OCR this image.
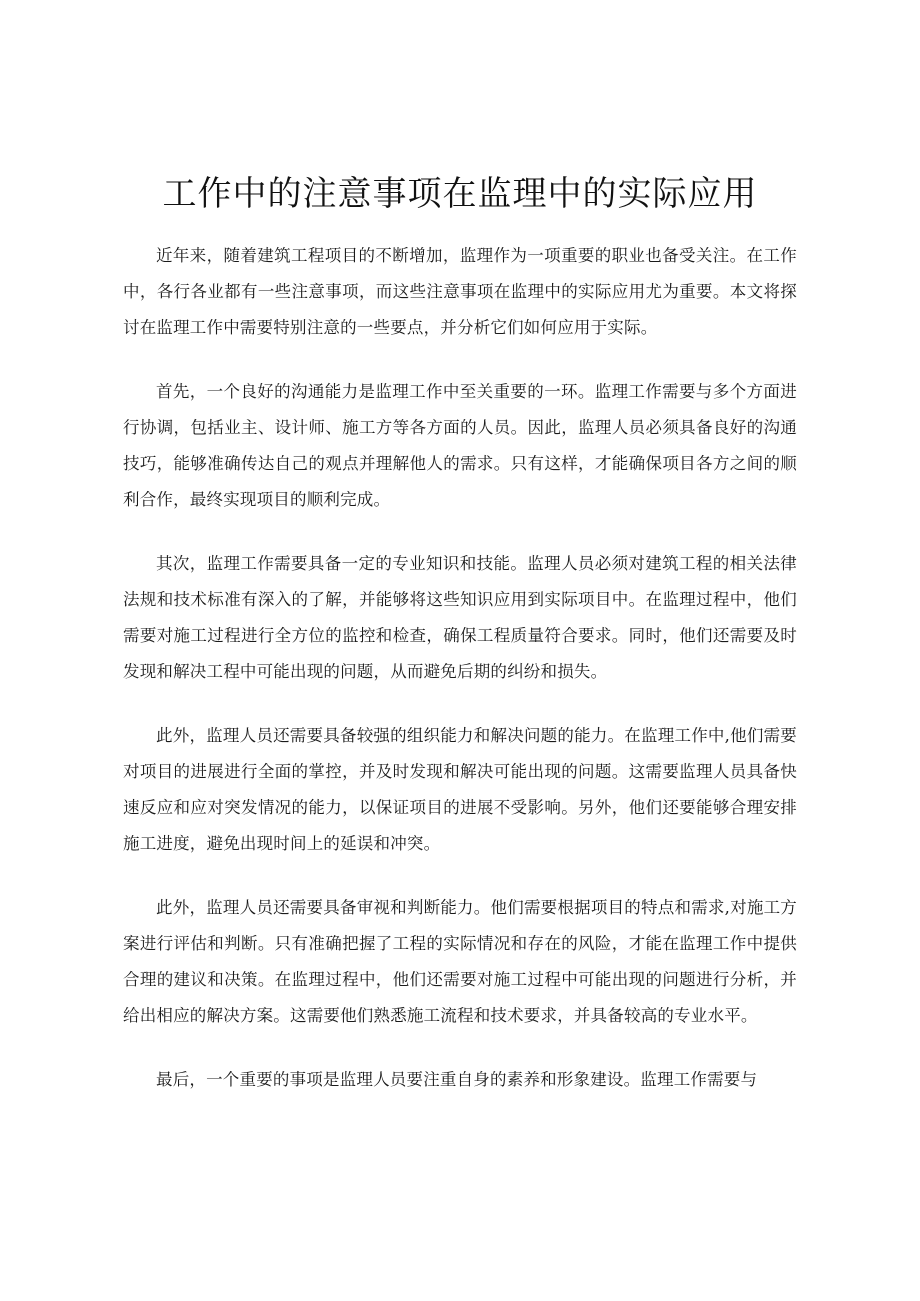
工作中的注意事项在监理中的实际应用

近年来，随着建筑工程项目的不断增加，监理作为一项重要的职业也备受关注。在工作中，各行各业都有一些注意事项，而这些注意事项在监理中的实际应用尤为重要。本文将探讨在监理工作中需要特别注意的一些要点，并分析它们如何应用于实际。

首先，一个良好的沟通能力是监理工作中至关重要的一环。监理工作需要与多个方面进行协调，包括业主、设计师、施工方等各方面的人员。因此，监理人员必须具备良好的沟通技巧，能够准确传达自己的观点并理解他人的需求。只有这样，才能确保项目各方之间的顺利合作，最终实现项目的顺利完成。

其次，监理工作需要具备一定的专业知识和技能。监理人员必须对建筑工程的相关法律法规和技术标准有深入的了解，并能够将这些知识应用到实际项目中。在监理过程中，他们需要对施工过程进行全方位的监控和检查，确保工程质量符合要求。同时，他们还需要及时发现和解决工程中可能出现的问题，从而避免后期的纠纷和损失。

此外，监理人员还需要具备较强的组织能力和解决问题的能力。在监理工作中,他们需要对项目的进展进行全面的掌控，并及时发现和解决可能出现的问题。这需要监理人员具备快速反应和应对突发情况的能力，以保证项目的进展不受影响。另外，他们还要能够合理安排施工进度，避免出现时间上的延误和冲突。

此外，监理人员还需要具备审视和判断能力。他们需要根据项目的特点和需求,对施工方案进行评估和判断。只有准确把握了工程的实际情况和存在的风险，才能在监理工作中提供合理的建议和决策。在监理过程中，他们还需要对施工过程中可能出现的问题进行分析，并给出相应的解决方案。这需要他们熟悉施工流程和技术要求，并具备较高的专业水平。

最后，一个重要的事项是监理人员要注重自身的素养和形象建设。监理工作需要与
